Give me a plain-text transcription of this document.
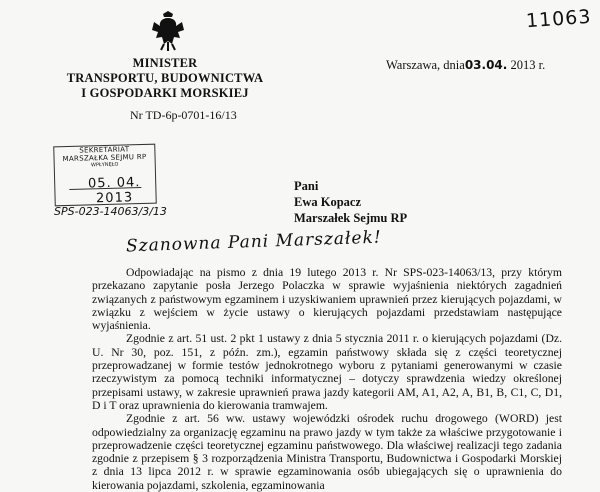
11063
MINISTER
TRANSPORTU, BUDOWNICTWA
I GOSPODARKI MORSKIEJ
Nr TD-6p-0701-16/13
Warszawa, dnia03.04. 2013 r.
SEKRETARIAT
MARSZAŁKA SEJMU RP
WPŁYNĘŁO
05. 04. 2013
SPS-023-14063/3/13
Pani
Ewa Kopacz
Marszałek Sejmu RP
Szanowna Pani Marszałek!

Odpowiadając na pismo z dnia 19 lutego 2013 r. Nr SPS-023-14063/13, przy którym przekazano zapytanie posła Jerzego Polaczka w sprawie wyjaśnienia niektórych zagadnień związanych z państwowym egzaminem i uzyskiwaniem uprawnień przez kierujących pojazdami, w związku z wejściem w życie ustawy o kierujących pojazdami przedstawiam następujące wyjaśnienia.

Zgodnie z art. 51 ust. 2 pkt 1 ustawy z dnia 5 stycznia 2011 r. o kierujących pojazdami (Dz. U. Nr 30, poz. 151, z późn. zm.), egzamin państwowy składa się z części teoretycznej przeprowadzanej w formie testów jednokrotnego wyboru z pytaniami generowanymi w czasie rzeczywistym za pomocą techniki informatycznej – dotyczy sprawdzenia wiedzy określonej przepisami ustawy, w zakresie uprawnień prawa jazdy kategorii AM, A1, A2, A, B1, B, C1, C, D1, D i T oraz uprawnienia do kierowania tramwajem.

Zgodnie z art. 56 ww. ustawy wojewódzki ośrodek ruchu drogowego (WORD) jest odpowiedzialny za organizację egzaminu na prawo jazdy w tym także za właściwe przygotowanie i przeprowadzenie części teoretycznej egzaminu państwowego. Dla właściwej realizacji tego zadania zgodnie z przepisem § 3 rozporządzenia Ministra Transportu, Budownictwa i Gospodarki Morskiej z dnia 13 lipca 2012 r. w sprawie egzaminowania osób ubiegających się o uprawnienia do kierowania pojazdami, szkolenia, egzaminowania
